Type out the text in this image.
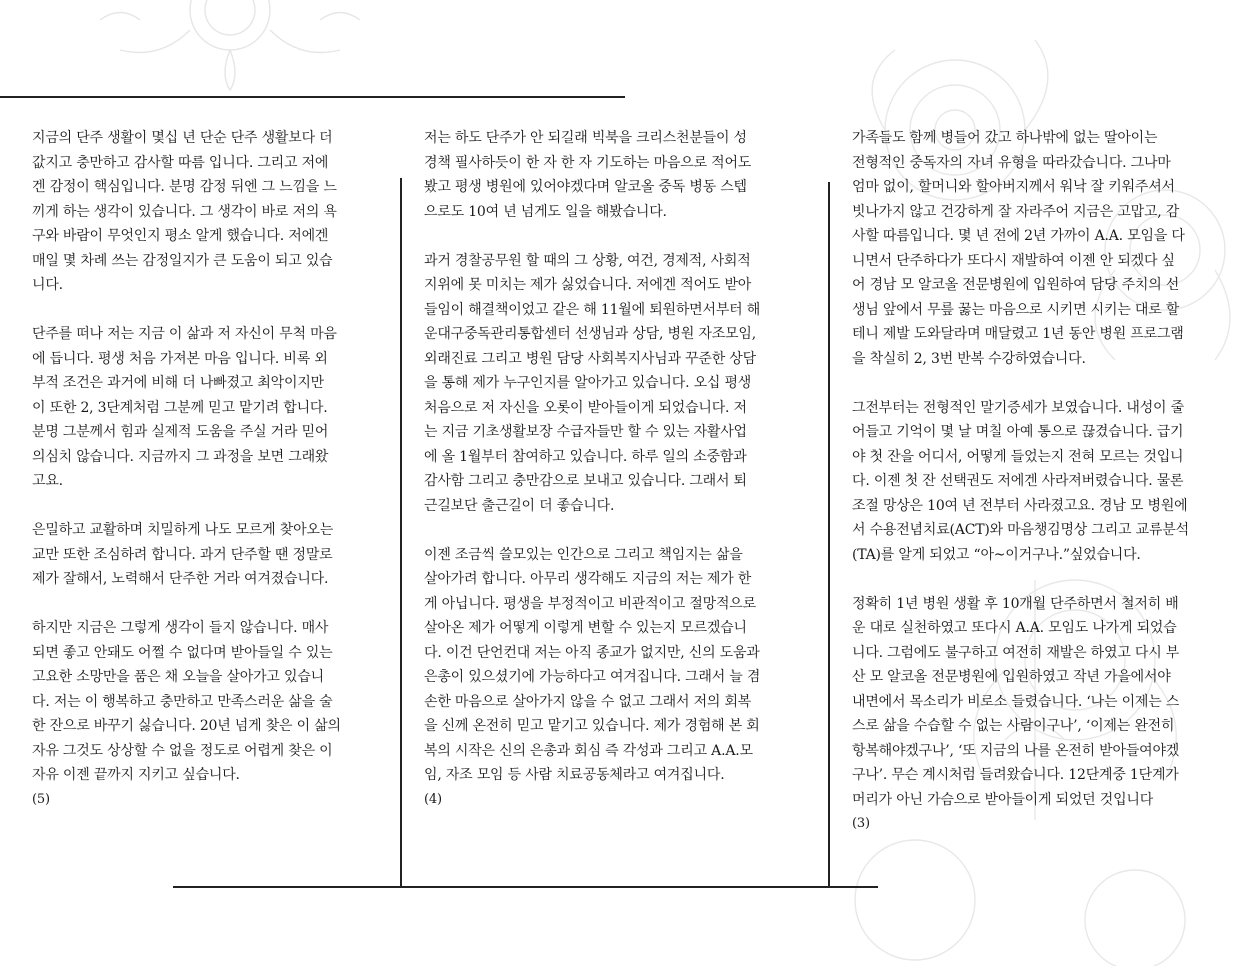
지금의 단주 생활이 몇십 년 단순 단주 생활보다 더
값지고 충만하고 감사할 따름 입니다. 그리고 저에
겐 감정이 핵심입니다. 분명 감정 뒤엔 그 느낌을 느
끼게 하는 생각이 있습니다. 그 생각이 바로 저의 욕
구와 바람이 무엇인지 평소 알게 했습니다. 저에겐
매일 몇 차례 쓰는 감정일지가 큰 도움이 되고 있습
니다.

단주를 떠나 저는 지금 이 삶과 저 자신이 무척 마음
에 듭니다. 평생 처음 가져본 마음 입니다. 비록 외
부적 조건은 과거에 비해 더 나빠졌고 최악이지만
이 또한 2, 3단계처럼 그분께 믿고 맡기려 합니다.
분명 그분께서 힘과 실제적 도움을 주실 거라 믿어
의심치 않습니다. 지금까지 그 과정을 보면 그래왔
고요.

은밀하고 교활하며 치밀하게 나도 모르게 찾아오는
교만 또한 조심하려 합니다. 과거 단주할 땐 정말로
제가 잘해서, 노력해서 단주한 거라 여겨졌습니다.

하지만 지금은 그렇게 생각이 들지 않습니다. 매사
되면 좋고 안돼도 어쩔 수 없다며 받아들일 수 있는
고요한 소망만을 품은 채 오늘을 살아가고 있습니
다. 저는 이 행복하고 충만하고 만족스러운 삶을 술
한 잔으로 바꾸기 싫습니다. 20년 넘게 찾은 이 삶의
자유 그것도 상상할 수 없을 정도로 어렵게 찾은 이
자유 이젠 끝까지 지키고 싶습니다.

(5)

저는 하도 단주가 안 되길래 빅북을 크리스천분들이 성
경책 필사하듯이 한 자 한 자 기도하는 마음으로 적어도
봤고 평생 병원에 있어야겠다며 알코올 중독 병동 스텝
으로도 10여 년 넘게도 일을 해봤습니다.

과거 경찰공무원 할 때의 그 상황, 여건, 경제적, 사회적
지위에 못 미치는 제가 싫었습니다. 저에겐 적어도 받아
들임이 해결책이었고 같은 해 11월에 퇴원하면서부터 해
운대구중독관리통합센터 선생님과 상담, 병원 자조모임,
외래진료 그리고 병원 담당 사회복지사님과 꾸준한 상담
을 통해 제가 누구인지를 알아가고 있습니다. 오십 평생
처음으로 저 자신을 오롯이 받아들이게 되었습니다. 저
는 지금 기초생활보장 수급자들만 할 수 있는 자활사업
에 올 1월부터 참여하고 있습니다. 하루 일의 소중함과
감사함 그리고 충만감으로 보내고 있습니다. 그래서 퇴
근길보단 출근길이 더 좋습니다.

이젠 조금씩 쓸모있는 인간으로 그리고 책임지는 삶을
살아가려 합니다. 아무리 생각해도 지금의 저는 제가 한
게 아닙니다. 평생을 부정적이고 비관적이고 절망적으로
살아온 제가 어떻게 이렇게 변할 수 있는지 모르겠습니
다. 이건 단언컨대 저는 아직 종교가 없지만, 신의 도움과
은총이 있으셨기에 가능하다고 여겨집니다. 그래서 늘 겸
손한 마음으로 살아가지 않을 수 없고 그래서 저의 회복
을 신께 온전히 믿고 맡기고 있습니다. 제가 경험해 본 회
복의 시작은 신의 은총과 회심 즉 각성과 그리고 A.A.모
임, 자조 모임 등 사람 치료공동체라고 여겨집니다.

(4)

가족들도 함께 병들어 갔고 하나밖에 없는 딸아이는
전형적인 중독자의 자녀 유형을 따라갔습니다. 그나마
엄마 없이, 할머니와 할아버지께서 워낙 잘 키워주셔서
빗나가지 않고 건강하게 잘 자라주어 지금은 고맙고, 감
사할 따름입니다. 몇 년 전에 2년 가까이 A.A. 모임을 다
니면서 단주하다가 또다시 재발하여 이젠 안 되겠다 싶
어 경남 모 알코올 전문병원에 입원하여 담당 주치의 선
생님 앞에서 무릎 꿇는 마음으로 시키면 시키는 대로 할
테니 제발 도와달라며 매달렸고 1년 동안 병원 프로그램
을 착실히 2, 3번 반복 수강하였습니다.

그전부터는 전형적인 말기증세가 보였습니다. 내성이 줄
어들고 기억이 몇 날 며칠 아예 통으로 끊겼습니다. 급기
야 첫 잔을 어디서, 어떻게 들었는지 전혀 모르는 것입니
다. 이젠 첫 잔 선택권도 저에겐 사라져버렸습니다. 물론
조절 망상은 10여 년 전부터 사라졌고요. 경남 모 병원에
서 수용전념치료(ACT)와 마음챙김명상 그리고 교류분석
(TA)를 알게 되었고 “아~이거구나.”싶었습니다.

정확히 1년 병원 생활 후 10개월 단주하면서 철저히 배
운 대로 실천하였고 또다시 A.A. 모임도 나가게 되었습
니다. 그럼에도 불구하고 여전히 재발은 하였고 다시 부
산 모 알코올 전문병원에 입원하였고 작년 가을에서야
내면에서 목소리가 비로소 들렸습니다. ‘나는 이제는 스
스로 삶을 수습할 수 없는 사람이구나’, ‘이제는 완전히
항복해야겠구나’, ‘또 지금의 나를 온전히 받아들여야겠
구나’. 무슨 계시처럼 들려왔습니다. 12단계중 1단계가
머리가 아닌 가슴으로 받아들이게 되었던 것입니다

(3)
